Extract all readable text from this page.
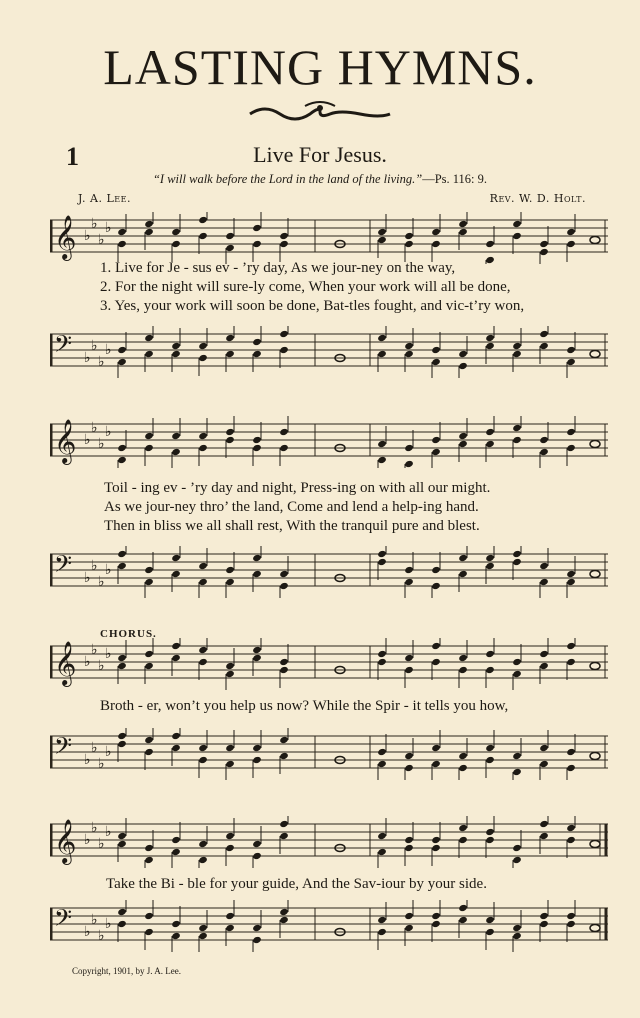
LASTING HYMNS.
1	Live For Jesus.
“I will walk before the Lord in the land of the living.”—Ps. 116: 9.
J. A. Lee.	Rev. W. D. Holt.
𝄞 ♭
♭
♭
♭
1. Live for Je - sus ev - ’ry day, As we jour-ney on the way,
2. For the night will sure-ly come, When your work will all be done,
3. Yes, your work will soon be done, Bat-tles fought, and vic-t’ry won,
𝄢 ♭
♭
♭
♭
𝄞 ♭
♭
♭
♭
Toil - ing ev - ’ry day and night, Press-ing on with all our might.
As we jour-ney thro’ the land, Come and lend a help-ing hand.
Then in bliss we all shall rest, With the tranquil pure and blest.
𝄢 ♭
♭
♭
♭
CHORUS.
𝄞 ♭
♭
♭
♭
Broth - er, won’t you help us now? While the Spir - it tells you how,
𝄢 ♭
♭
♭
♭
𝄞 ♭
♭
♭
♭
Take the Bi - ble for your guide, And the Sav-iour by your side.
𝄢 ♭
♭
♭
♭
Copyright, 1901, by J. A. Lee.
